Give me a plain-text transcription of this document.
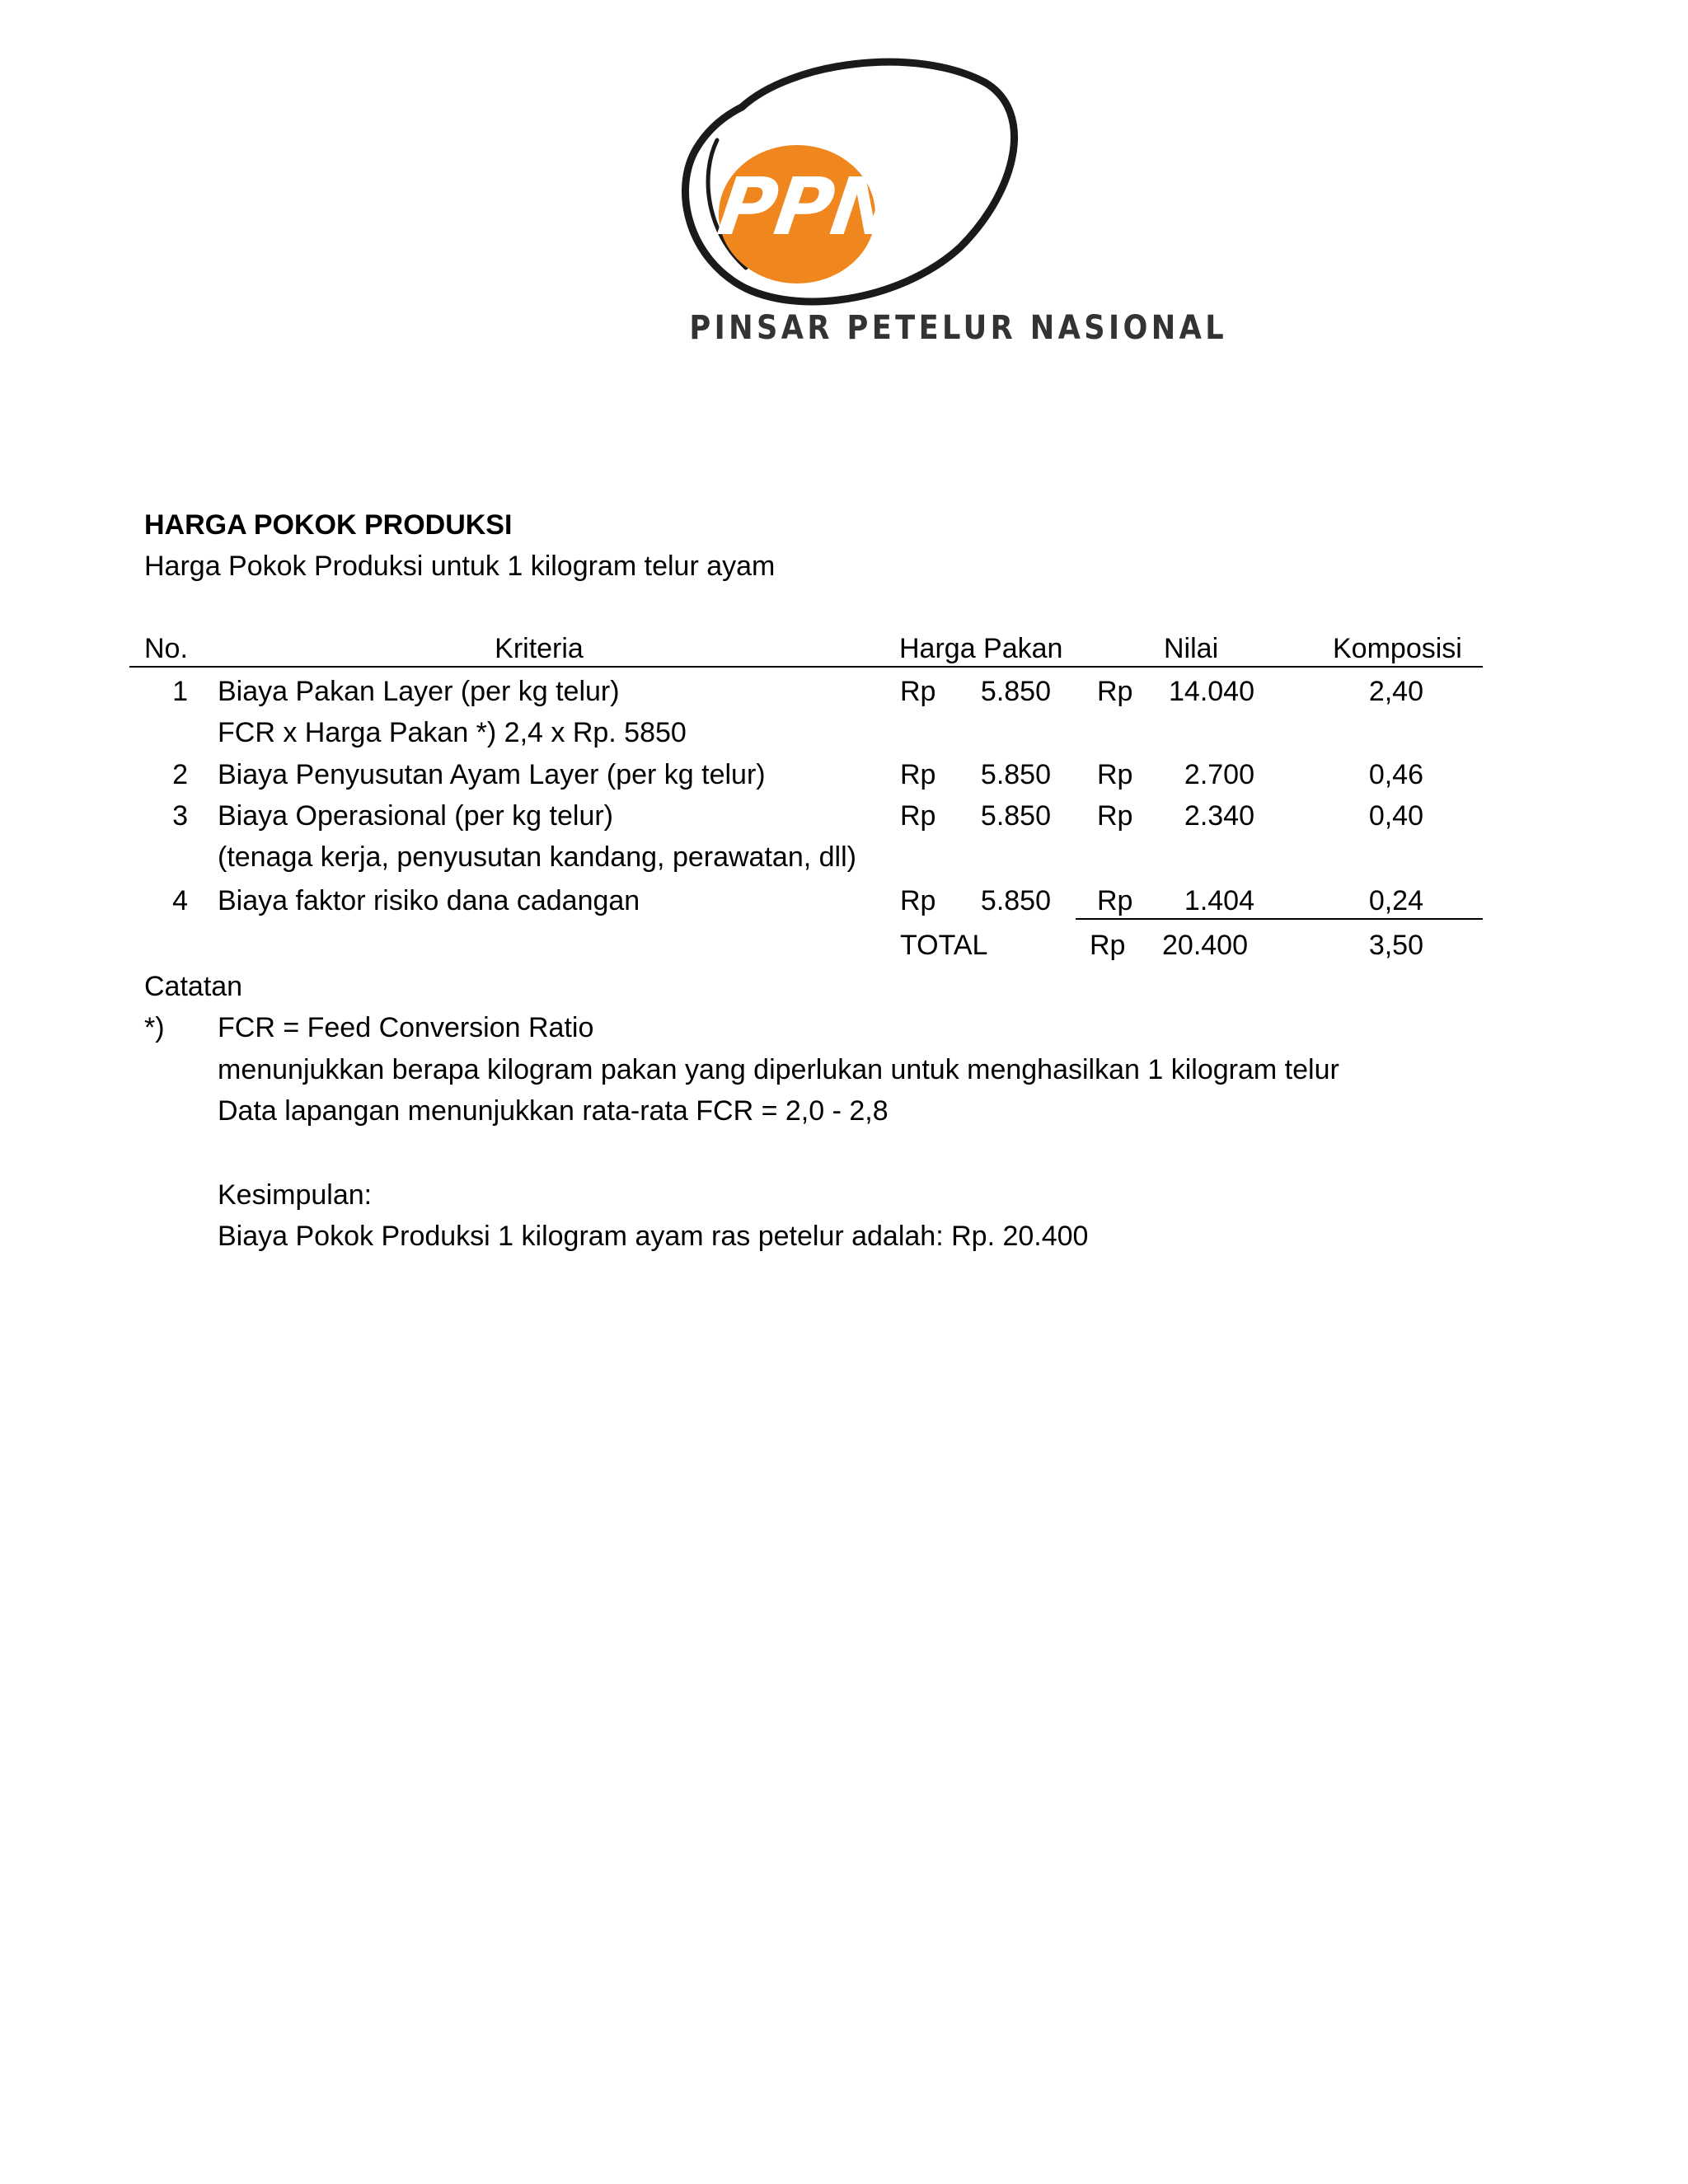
PPN
PINSAR PETELUR NASIONAL
HARGA POKOK PRODUKSI
Harga Pokok Produksi untuk 1 kilogram telur ayam
No.	Kriteria	Harga Pakan	Nilai	Komposisi
1 Biaya Pakan Layer (per kg telur)	Rp	5.850 Rp	14.040	2,40
FCR x Harga Pakan *) 2,4 x Rp. 5850
2 Biaya Penyusutan Ayam Layer (per kg telur)	Rp	5.850 Rp	2.700	0,46
3 Biaya Operasional (per kg telur)	Rp	5.850 Rp	2.340	0,40
(tenaga kerja, penyusutan kandang, perawatan, dll)
4 Biaya faktor risiko dana cadangan	Rp	5.850 Rp	1.404	0,24
TOTAL	Rp	20.400	3,50
Catatan
*) FCR = Feed Conversion Ratio
menunjukkan berapa kilogram pakan yang diperlukan untuk menghasilkan 1 kilogram telur
Data lapangan menunjukkan rata-rata FCR = 2,0 - 2,8
Kesimpulan:
Biaya Pokok Produksi 1 kilogram ayam ras petelur adalah: Rp. 20.400
